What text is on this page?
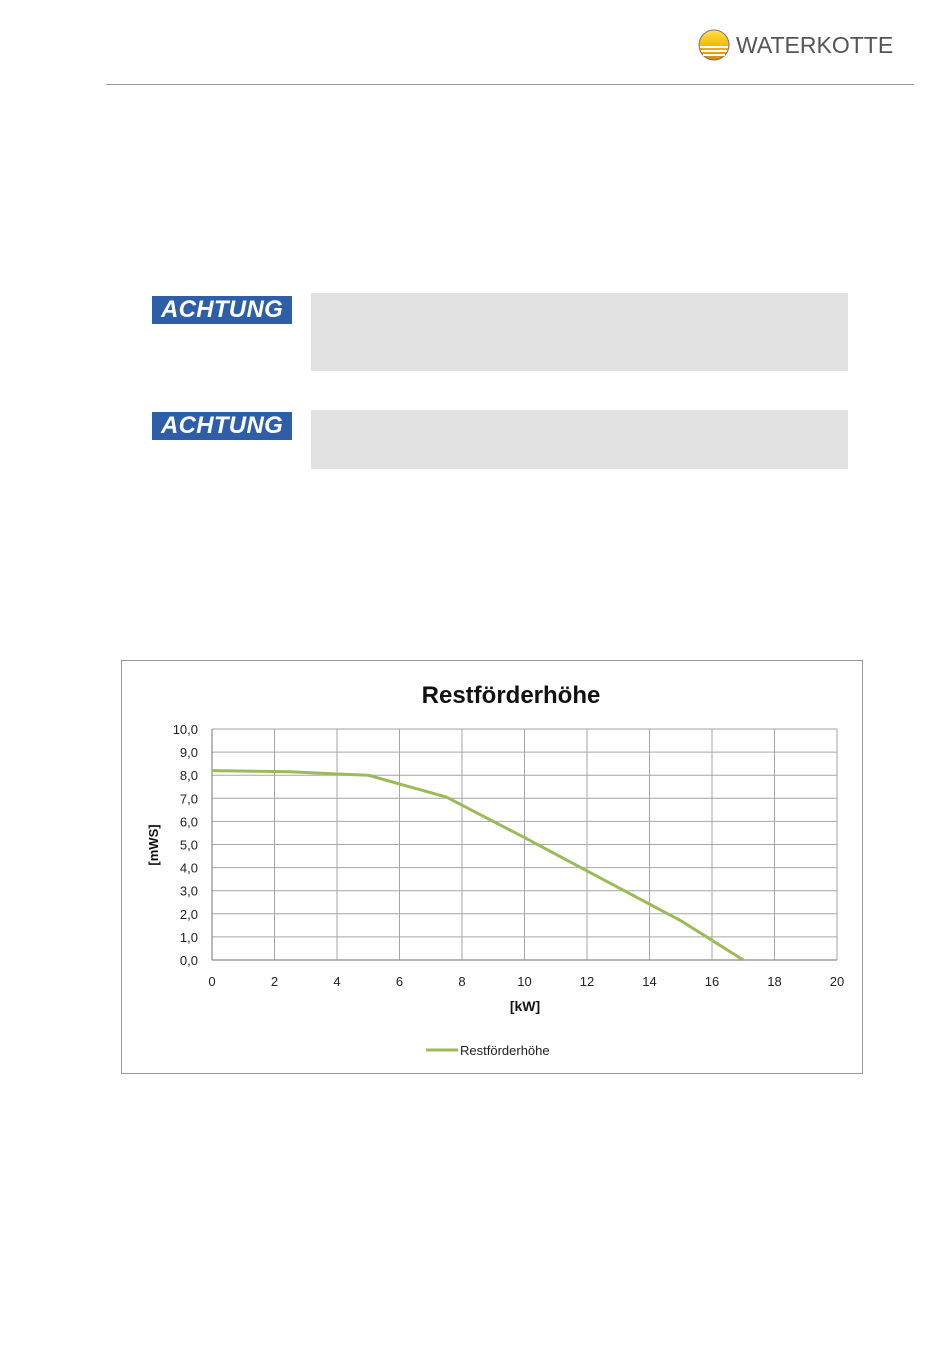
WATERKOTTE
ACHTUNG
ACHTUNG
Restförderhöhe
[mWS]
[kW]
0,0
1,0
2,0
3,0
4,0
5,0
6,0
7,0
8,0
9,0
10,0
0	2	4	6	8	10	12	14	16	18	20
Restförderhöhe
